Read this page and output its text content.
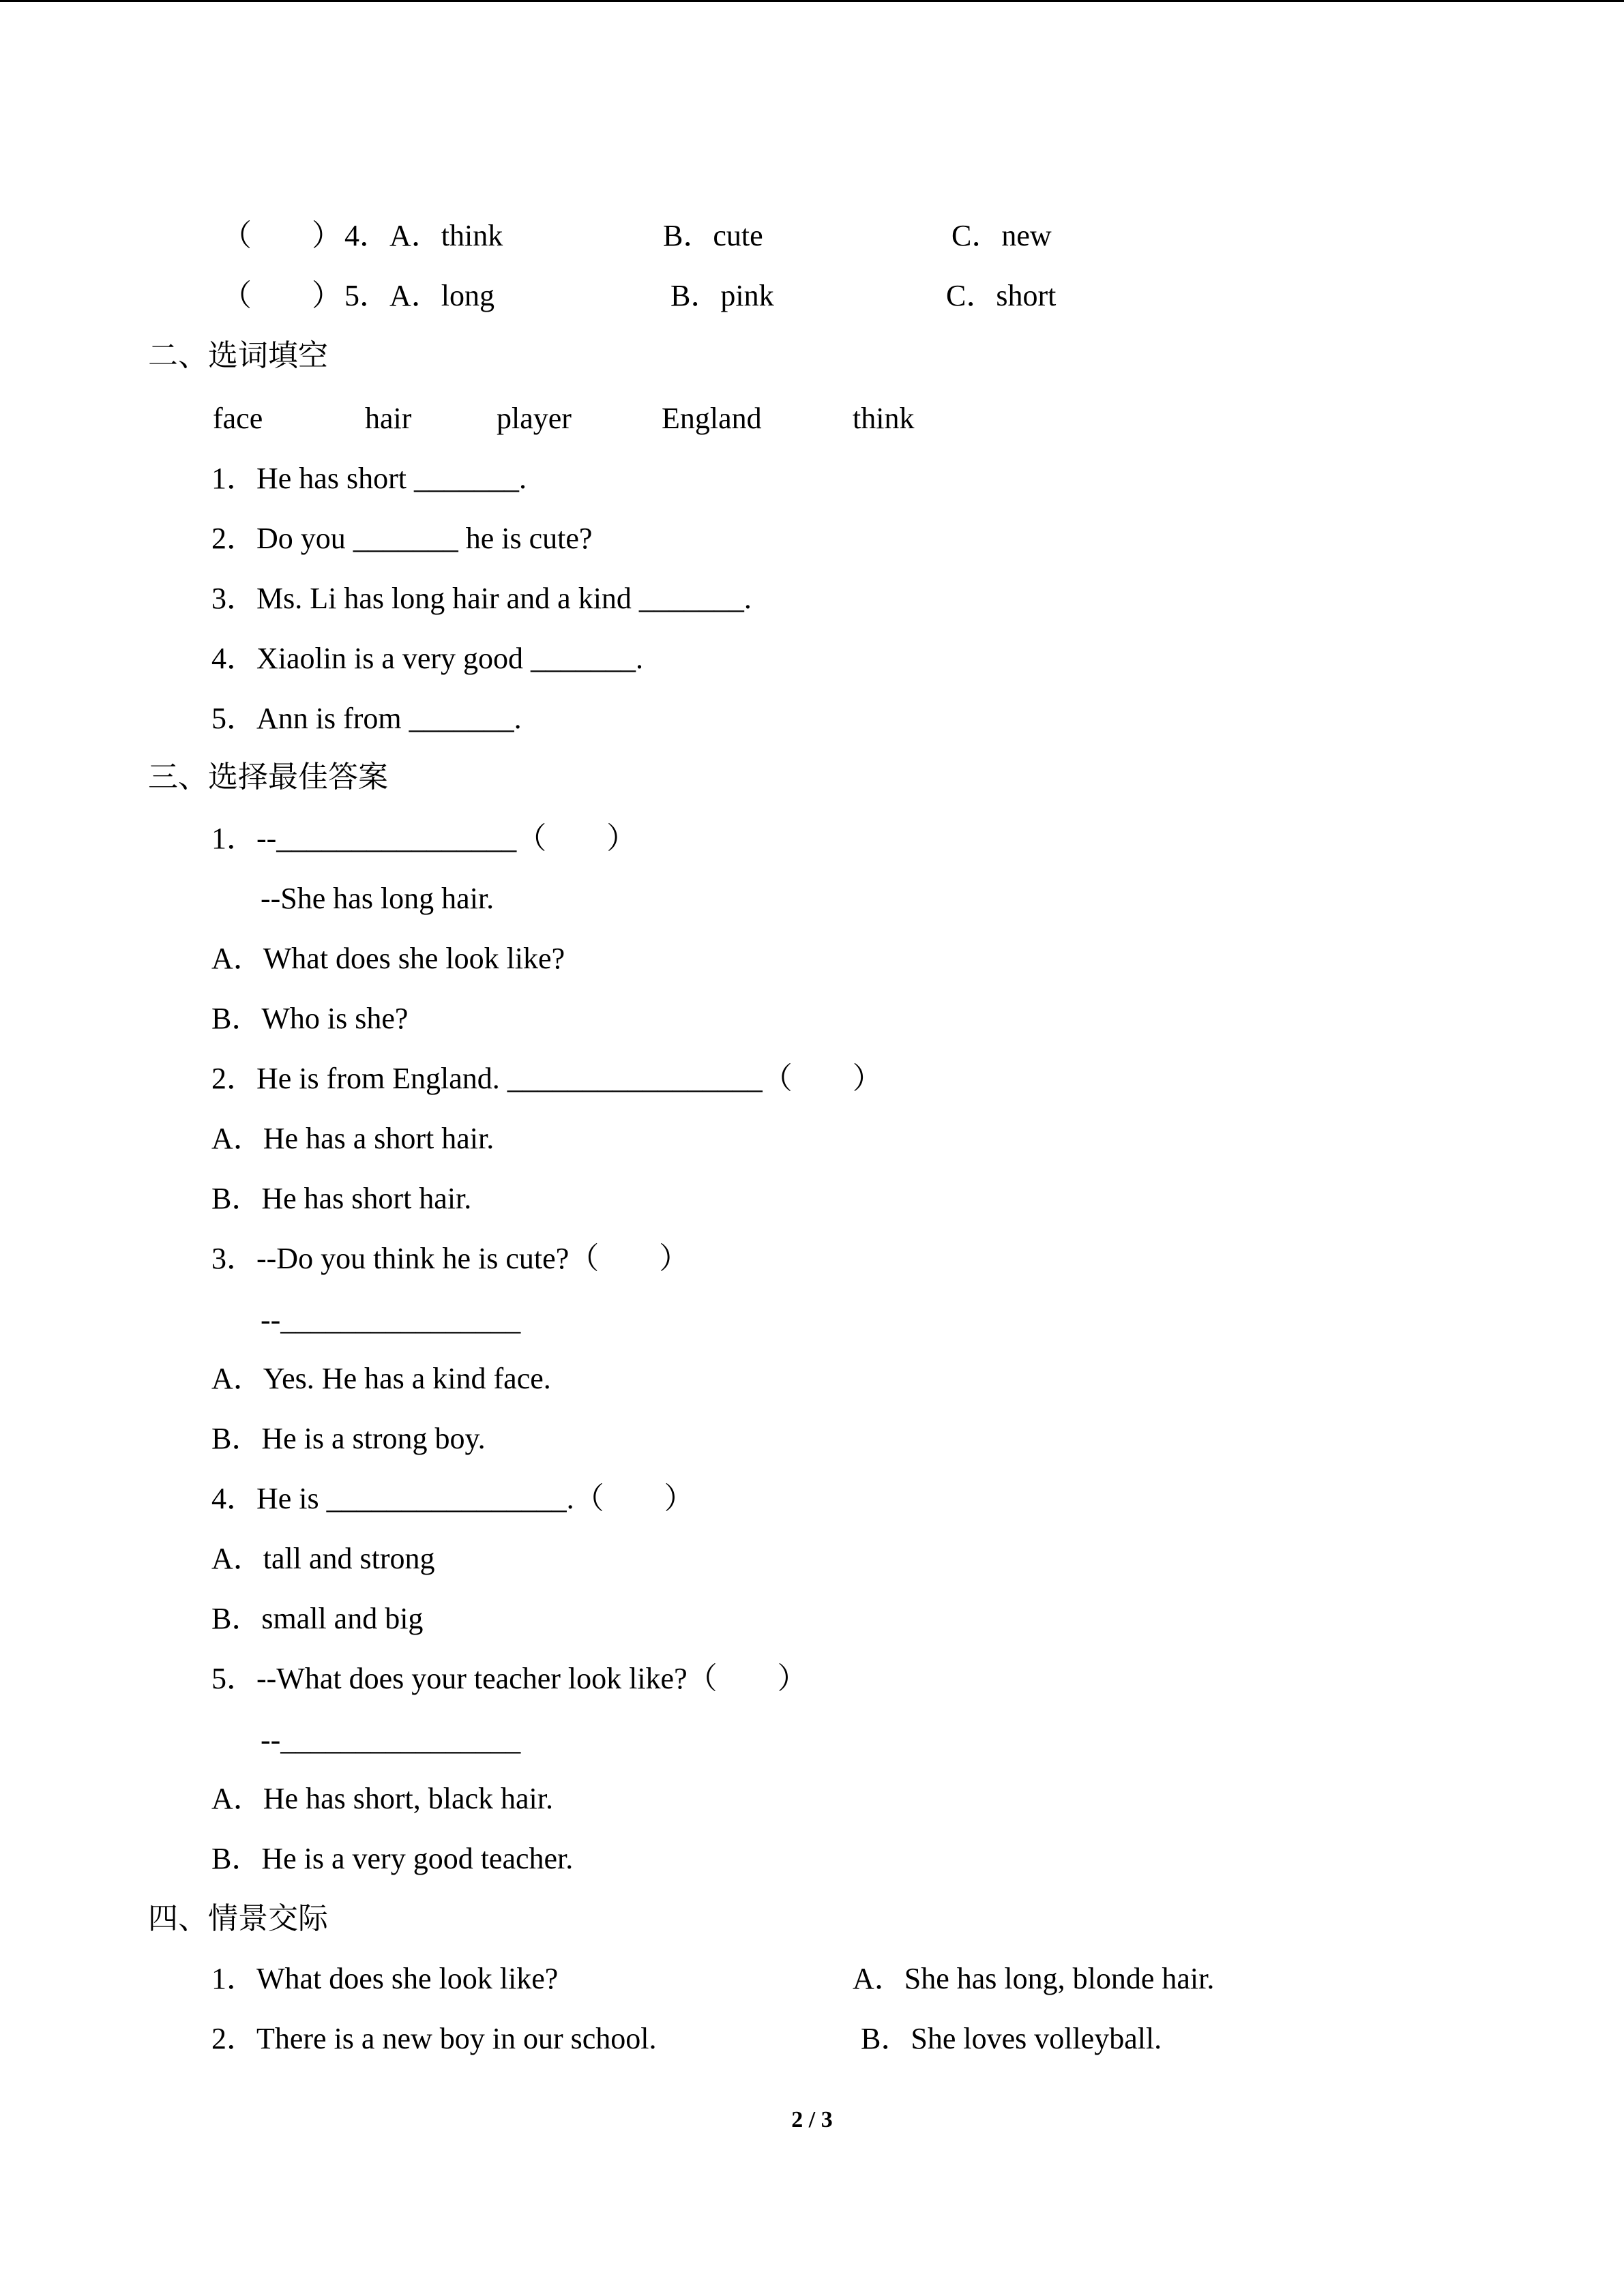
（　　） 4．A．think	B．cute	C．new
（　　） 5．A．long	B．pink	C．short
二、选词填空
face	hair	player	England	think
1．He has short _______.
2．Do you _______ he is cute?
3．Ms. Li has long hair and a kind _______.
4．Xiaolin is a very good _______.
5．Ann is from _______.
三、选择最佳答案
1．--________________（　　）
--She has long hair.
A．What does she look like?
B．Who is she?
2．He is from England. _________________（　　）
A．He has a short hair.
B．He has short hair.
3．--Do you think he is cute?（　　）
--________________
A．Yes. He has a kind face.
B．He is a strong boy.
4．He is ________________.（　　）
A．tall and strong
B．small and big
5．--What does your teacher look like?（　　）
--________________
A．He has short, black hair.
B．He is a very good teacher.
四、情景交际
1．What does she look like?	A．She has long, blonde hair.
2．There is a new boy in our school.	B．She loves volleyball.
2 / 3
